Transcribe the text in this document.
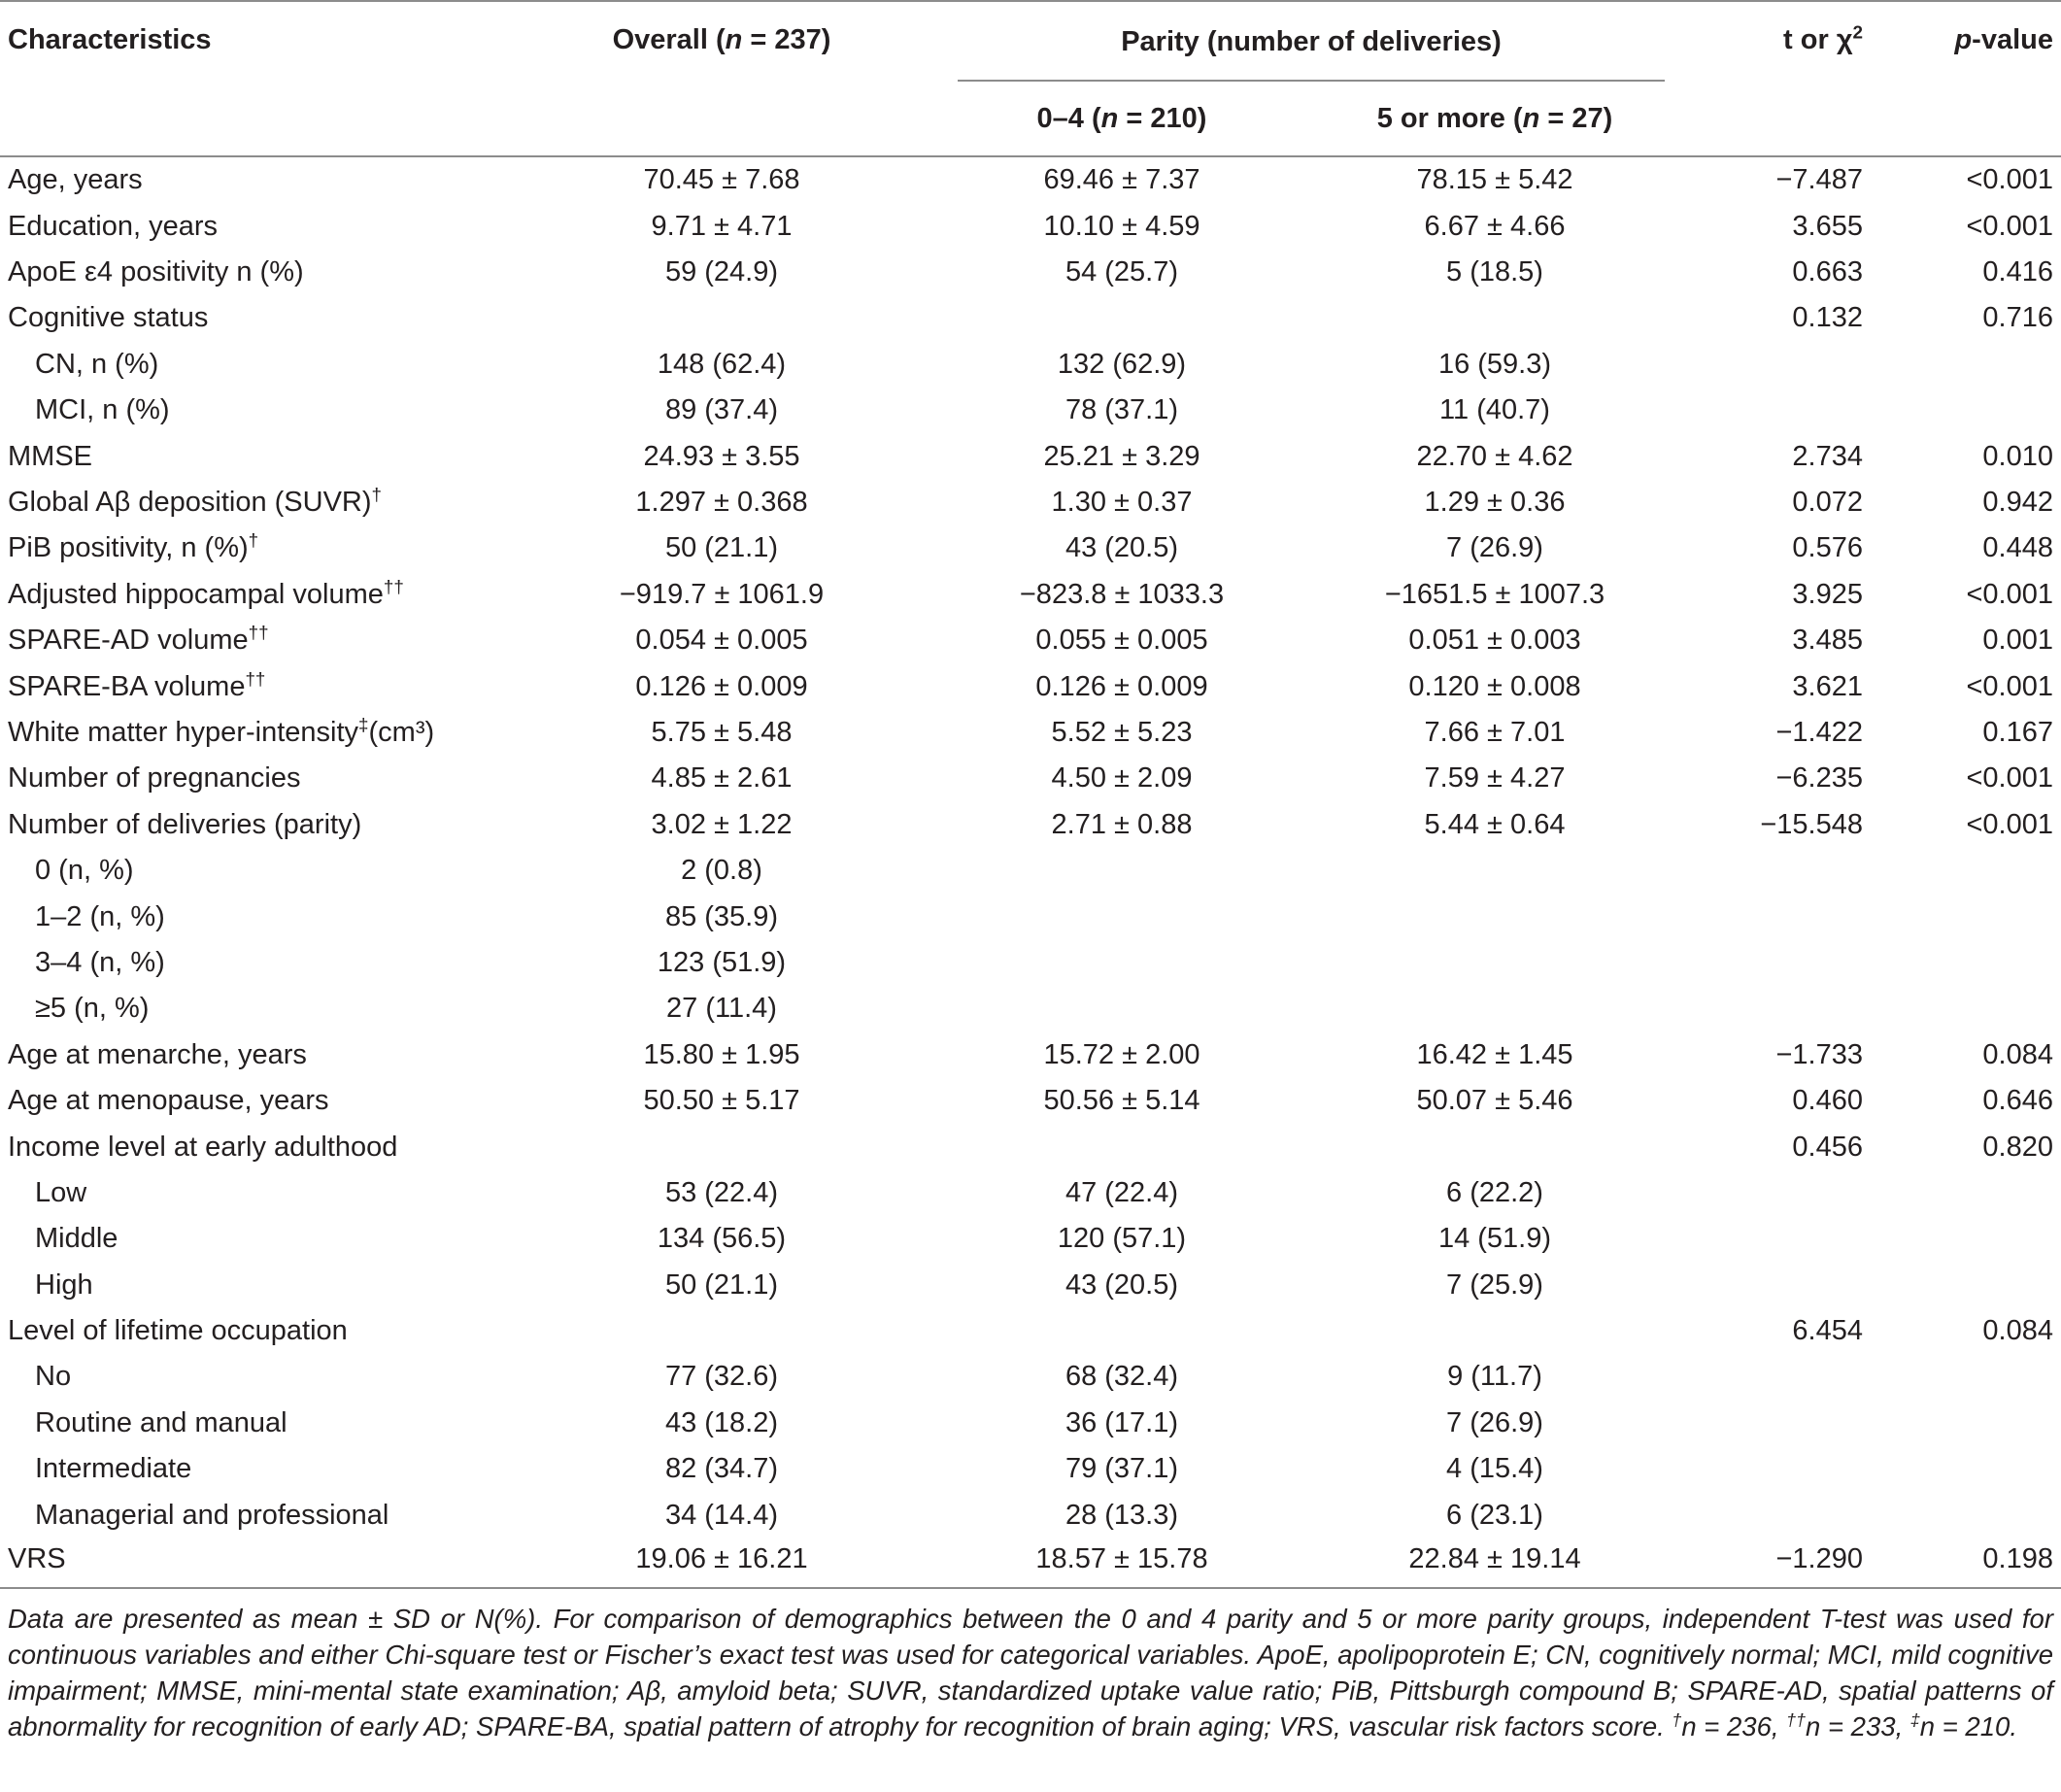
Characteristics	Overall (n = 237)	Parity (number of deliveries)		t or $\chi^2$	p-value
		0–4 (n = 210)	5 or more (n = 27)		

Age, years	70.45 ± 7.68	69.46 ± 7.37	78.15 ± 5.42	−7.487	<0.001
Education, years	9.71 ± 4.71	10.10 ± 4.59	6.67 ± 4.66	3.655	<0.001
ApoE ε4 positivity n (%)	59 (24.9)	54 (25.7)	5 (18.5)	0.663	0.416
Cognitive status				0.132	0.716
CN, n (%)	148 (62.4)	132 (62.9)	16 (59.3)		
MCI, n (%)	89 (37.4)	78 (37.1)	11 (40.7)		
MMSE	24.93 ± 3.55	25.21 ± 3.29	22.70 ± 4.62	2.734	0.010
Global Aβ deposition (SUVR)†	1.297 ± 0.368	1.30 ± 0.37	1.29 ± 0.36	0.072	0.942
PiB positivity, n (%)†	50 (21.1)	43 (20.5)	7 (26.9)	0.576	0.448
Adjusted hippocampal volume††	−919.7 ± 1061.9	−823.8 ± 1033.3	−1651.5 ± 1007.3	3.925	<0.001
SPARE-AD volume††	0.054 ± 0.005	0.055 ± 0.005	0.051 ± 0.003	3.485	0.001
SPARE-BA volume††	0.126 ± 0.009	0.126 ± 0.009	0.120 ± 0.008	3.621	<0.001
White matter hyper-intensity‡(cm³)	5.75 ± 5.48	5.52 ± 5.23	7.66 ± 7.01	−1.422	0.167
Number of pregnancies	4.85 ± 2.61	4.50 ± 2.09	7.59 ± 4.27	−6.235	<0.001
Number of deliveries (parity)	3.02 ± 1.22	2.71 ± 0.88	5.44 ± 0.64	−15.548	<0.001
0 (n, %)	2 (0.8)				
1–2 (n, %)	85 (35.9)				
3–4 (n, %)	123 (51.9)				
≥5 (n, %)	27 (11.4)				
Age at menarche, years	15.80 ± 1.95	15.72 ± 2.00	16.42 ± 1.45	−1.733	0.084
Age at menopause, years	50.50 ± 5.17	50.56 ± 5.14	50.07 ± 5.46	0.460	0.646
Income level at early adulthood				0.456	0.820
Low	53 (22.4)	47 (22.4)	6 (22.2)		
Middle	134 (56.5)	120 (57.1)	14 (51.9)		
High	50 (21.1)	43 (20.5)	7 (25.9)		
Level of lifetime occupation				6.454	0.084
No	77 (32.6)	68 (32.4)	9 (11.7)		
Routine and manual	43 (18.2)	36 (17.1)	7 (26.9)		
Intermediate	82 (34.7)	79 (37.1)	4 (15.4)		
Managerial and professional	34 (14.4)	28 (13.3)	6 (23.1)		
VRS	19.06 ± 16.21	18.57 ± 15.78	22.84 ± 19.14	−1.290	0.198
Data are presented as mean ± SD or N(%). For comparison of demographics between the 0 and 4 parity and 5 or more parity groups, independent T-test was used for continuous variables and either Chi-square test or Fischer’s exact test was used for categorical variables. ApoE, apolipoprotein E; CN, cognitively normal; MCI, mild cognitive impairment; MMSE, mini-mental state examination; Aβ, amyloid beta; SUVR, standardized uptake value ratio; PiB, Pittsburgh compound B; SPARE-AD, spatial patterns of abnormality for recognition of early AD; SPARE-BA, spatial pattern of atrophy for recognition of brain aging; VRS, vascular risk factors score. †n = 236, ††n = 233, ‡n = 210.
